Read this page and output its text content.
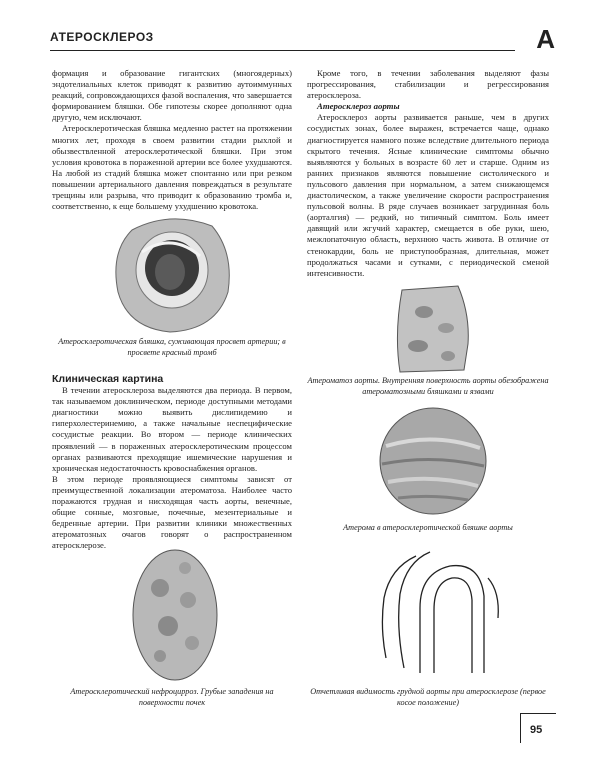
АТЕРОСКЛЕРОЗ	А

формация и образование гигантских (многоядерных) эндотелиальных клеток приводят к развитию аутоиммунных реакций, сопровождающихся фазой воспаления, что завершается формированием бляшки. Обе гипотезы скорее дополняют одна другую, чем исключают.

Атеросклеротическая бляшка медленно растет на протяжении многих лет, проходя в своем развитии стадии рыхлой и обызвествленной атеросклеротической бляшки. При этом условия кровотока в пораженной артерии все более ухудшаются. На любой из стадий бляшка может спонтанно или при резком повышении артериального давления повреждаться в результате трещины или разрыва, что приводит к образованию тромба и, соответственно, к еще большему ухудшению кровотока.

Атеросклеротическая бляшка, суживающая просвет артерии; в просвете красный тромб
Клиническая картина

В течении атеросклероза выделяются два периода. В первом, так называемом доклиническом, периоде доступными методами диагностики можно выявить дислипидемию и гиперхолестеринемию, а также начальные неспецифические сосудистые реакции. Во втором — периоде клинических проявлений — в пораженных атеросклеротическим процессом органах развиваются преходящие ишемические нарушения и хроническая недостаточность кровоснабжения органов.

В этом периоде проявляющиеся симптомы зависят от преимущественной локализации атероматоза. Наиболее часто поражаются грудная и нисходящая часть аорты, венечные, общие сонные, мозговые, почечные, мезентериальные и бедренные артерии. При развитии клиники множественных атероматозных очагов говорят о распространенном атеросклерозе.

Атеросклеротический нефроцирроз. Грубые западения на поверхности почек

Кроме того, в течении заболевания выделяют фазы прогрессирования, стабилизации и регрессирования атеросклероза.

Атеросклероз аорты

Атеросклероз аорты развивается раньше, чем в других сосудистых зонах, более выражен, встречается чаще, однако диагностируется намного позже вследствие длительного периода скрытого течения. Ясные клинические симптомы обычно выявляются у больных в возрасте 60 лет и старше. Одним из ранних признаков являются повышение систолического и пульсового давления при нормальном, а затем снижающемся диастолическом, а также увеличение скорости распространения пульсовой волны. В ряде случаев возникает загрудинная боль (аорталгия) — редкий, но типичный симптом. Боль имеет давящий или жгучий характер, смещается в обе руки, шею, межлопаточную область, верхнюю часть живота. В отличие от стенокардии, боль не приступообразная, длительная, может продолжаться часами и сутками, с периодической сменой интенсивности.

Атероматоз аорты. Внутренняя поверхность аорты обезображена атероматозными бляшками и язвами
Атерома в атеросклеротической бляшке аорты
Отчетливая видимость грудной аорты при атеросклерозе (первое косое положение)
95
